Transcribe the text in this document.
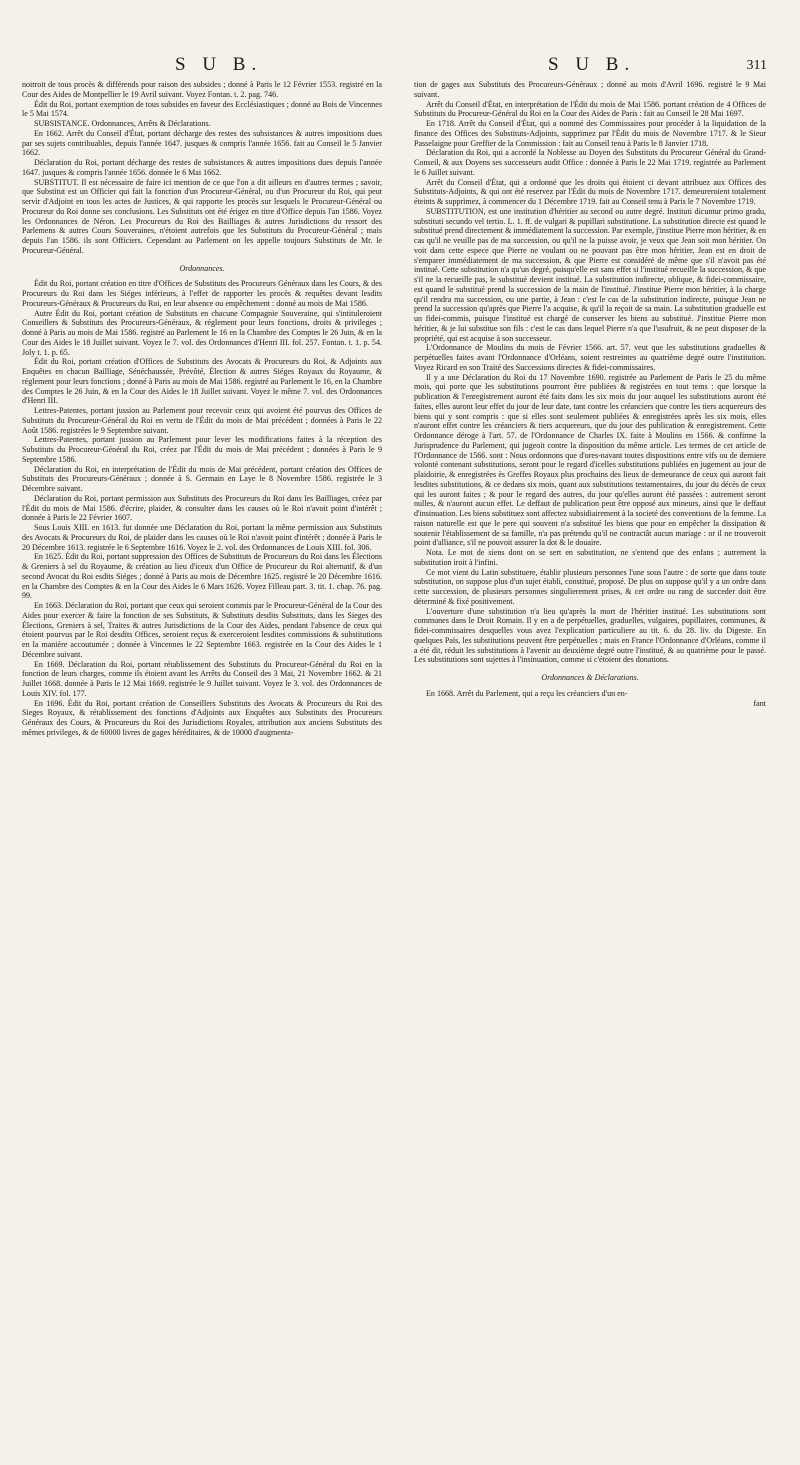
S U B.	S U B.	311

noitroit de tous procès & différends pour raison des subsides ; donné à Paris le 12 Février 1553. registré en la Cour des Aides de Montpellier le 19 Avril suivant. Voyez Fontan. t. 2. pag. 746.

Édit du Roi, portant exemption de tous subsides en faveur des Ecclésiastiques ; donné au Bois de Vincennes le 5 Mai 1574.

SUBSISTANCE. Ordonnances, Arrêts & Déclarations.

En 1662. Arrêt du Conseil d'État, portant décharge des restes des subsistances & autres impositions dues par ses sujets contribuables, depuis l'année 1647. jusques & compris l'année 1656. fait au Conseil le 5 Janvier 1662.

Déclaration du Roi, portant décharge des restes de subsistances & autres impositions dues depuis l'année 1647. jusques & compris l'année 1656. donnée le 6 Mai 1662.

SUBSTITUT. Il est nécessaire de faire ici mention de ce que l'on a dit ailleurs en d'autres termes ; savoir, que Substitut est un Officier qui fait la fonction d'un Procureur-Général, ou d'un Procureur du Roi, qui peut servir d'Adjoint en tous les actes de Justices, & qui rapporte les procès sur lesquels le Procureur-Général ou Procureur du Roi donne ses conclusions. Les Substituts ont été érigez en titre d'Office depuis l'an 1586. Voyez les Ordonnances de Néron. Les Procureurs du Roi des Bailliages & autres Jurisdictions du ressort des Parlemens & autres Cours Souveraines, n'étoient autrefois que les Substituts du Procureur-Général ; mais depuis l'an 1586. ils sont Officiers. Cependant au Parlement on les appelle toujours Substituts de Mr. le Procureur-Général.

Ordonnances.

Édit du Roi, portant création en titre d'Offices de Substituts des Procureurs Généraux dans les Cours, & des Procureurs du Roi dans les Siéges inférieurs, à l'effet de rapporter les procès & requêtes devant lesdits Procureurs-Généraux & Procureurs du Roi, en leur absence ou empêchement : donné au mois de Mai 1586.

Autre Édit du Roi, portant création de Substituts en chacune Compagnie Souveraine, qui s'intituleroient Conseillers & Substituts des Procureurs-Généraux, & réglement pour leurs fonctions, droits & privileges ; donné à Paris au mois de Mai 1586. registré au Parlement le 16 en la Chambre des Comptes le 26 Juin, & en la Cour des Aides le 18 Juillet suivant. Voyez le 7. vol. des Ordonnances d'Henri III. fol. 257. Fontan. t. 1. p. 54. Joly t. 1. p. 65.

Édit du Roi, portant création d'Offices de Substituts des Avocats & Procureurs du Roi, & Adjoints aux Enquêtes en chacun Bailliage, Sénéchaussée, Prévôté, Élection & autres Siéges Royaux du Royaume, & réglement pour leurs fonctions ; donné à Paris au mois de Mai 1586. registré au Parlement le 16, en la Chambre des Comptes le 26 Juin, & en la Cour des Aides le 18 Juillet suivant. Voyez le même 7. vol. des Ordonnances d'Henri III.

Lettres-Patentes, portant jussion au Parlement pour recevoir ceux qui avoient été pourvus des Offices de Substituts du Procureur-Général du Roi en vertu de l'Édit du mois de Mai précédent ; données à Paris le 22 Août 1586. registrées le 9 Septembre suivant.

Lettres-Patentes, portant jussion au Parlement pour lever les modifications faites à la réception des Substituts du Procureur-Général du Roi, créez par l'Édit du mois de Mai précédent ; données à Paris le 9 Septembre 1586.

Déclaration du Roi, en interprétation de l'Édit du mois de Mai précédent, portant création des Offices de Substituts des Procureurs-Généraux ; donnée à S. Germain en Laye le 8 Novembre 1586. registrée le 3 Décembre suivant.

Déclaration du Roi, portant permission aux Substituts des Procureurs du Roi dans les Bailliages, créez par l'Édit du mois de Mai 1586. d'écrire, plaider, & consulter dans les causes où le Roi n'avoit point d'intérêt ; donnée à Paris le 22 Février 1607.

Sous Louis XIII. en 1613. fut donnée une Déclaration du Roi, portant la même permission aux Substituts des Avocats & Procureurs du Roi, de plaider dans les causes où le Roi n'avoit point d'intérêt ; donnée à Paris le 20 Décembre 1613. registrée le 6 Septembre 1616. Voyez le 2. vol. des Ordonnances de Louis XIII. fol. 306.

En 1625. Édit du Roi, portant suppression des Offices de Substituts de Procureurs du Roi dans les Élections & Greniers à sel du Royaume, & création au lieu d'iceux d'un Office de Procureur du Roi alternatif, & d'un second Avocat du Roi esdits Siéges ; donné à Paris au mois de Décembre 1625. registré le 20 Décembre 1616. en la Chambre des Comptes & en la Cour des Aides le 6 Mars 1626. Voyez Filleau part. 3. tit. 1. chap. 76. pag. 99.

En 1663. Déclaration du Roi, portant que ceux qui seroient commis par le Procureur-Général de la Cour des Aides pour exercer & faire la fonction de ses Substituts, & Substituts desdits Substituts, dans les Sieges des Élections, Greniers à sel, Traites & autres Jurisdictions de la Cour des Aides, pendant l'absence de ceux qui étoient pourvus par le Roi desdits Offices, seroient reçus & exerceroient lesdites commissions & substitutions en la manière accoutumée ; donnée à Vincennes le 22 Septembre 1663. registrée en la Cour des Aides le 1 Décembre suivant.

En 1669. Déclaration du Roi, portant rétablissement des Substituts du Procureur-Général du Roi en la fonction de leurs charges, comme ils étoient avant les Arrêts du Conseil des 3 Mai, 21 Novembre 1662. & 21 Juillet 1668. donnée à Paris le 12 Mai 1669. registrée le 9 Juillet suivant. Voyez le 3. vol. des Ordonnances de Louis XIV. fol. 177.

En 1696. Édit du Roi, portant création de Conseillers Substituts des Avocats & Procureurs du Roi des Sieges Royaux, & rétablissement des fonctions d'Adjoints aux Enquêtes aux Substituts des Procureurs Généraux des Cours, & Procureurs du Roi des Jurisdictions Royales, attribution aux anciens Substituts des mêmes privileges, & de 60000 livres de gages héréditaires, & de 10000 d'augmenta-

tion de gages aux Substituts des Procureurs-Généraux ; donné au mois d'Avril 1696. registré le 9 Mai suivant.

Arrêt du Conseil d'État, en interprétation de l'Édit du mois de Mai 1586. portant création de 4 Offices de Substituts du Procureur-Général du Roi en la Cour des Aides de Paris : fait au Conseil le 28 Mai 1697.

En 1718. Arrêt du Conseil d'État, qui a nommé des Commissaires pour procéder à la liquidation de la finance des Offices des Substituts-Adjoints, supprimez par l'Édit du mois de Novembre 1717. & le Sieur Passelaigne pour Greffier de la Commission : fait au Conseil tenu à Paris le 8 Janvier 1718.

Déclaration du Roi, qui a accordé la Noblesse au Doyen des Substituts du Procureur Général du Grand-Conseil, & aux Doyens ses successeurs audit Office : donnée à Paris le 22 Mai 1719. registrée au Parlement le 6 Juillet suivant.

Arrêt du Conseil d'État, qui a ordonné que les droits qui étoient ci devant attribuez aux Offices des Substituts-Adjoints, & qui ont été reservez par l'Édit du mois de Novembre 1717. demeureroient totalement éteints & supprimez, à commencer du 1 Décembre 1719. fait au Conseil tenu à Paris le 7 Novembre 1719.

SUBSTITUTION, est une institution d'héritier au second ou autre degré. Instituti dicuntur primo gradu, substituti secundo vel tertio. L. 1. ff. de vulgari & pupillari substitutione. La substitution directe est quand le substitué prend directement & immédiatement la succession. Par exemple, j'institue Pierre mon héritier, & en cas qu'il ne veuille pas de ma succession, ou qu'il ne la puisse avoir, je veux que Jean soit mon héritier. On voit dans cette espece que Pierre ne voulant ou ne pouvant pas être mon héritier, Jean est en droit de s'emparer immédiatement de ma succession, & que Pierre est considéré de même que s'il n'avoit pas été institué. Cette substitution n'a qu'un degré, puisqu'elle est sans effet si l'institué recueille la succession, & que s'il ne la recueille pas, le substitué devient institué. La substitution indirecte, oblique, & fidei-commissaire, est quand le substitué prend la succession de la main de l'institué. J'institue Pierre mon héritier, à la charge qu'il rendra ma succession, ou une partie, à Jean : c'est le cas de la substitution indirecte, puisque Jean ne prend la succession qu'après que Pierre l'a acquise, & qu'il la reçoit de sa main. La substitution graduelle est un fidei-commis, puisque l'institué est chargé de conserver les biens au substitué. J'institue Pierre mon héritier, & je lui substitue son fils : c'est le cas dans lequel Pierre n'a que l'usufruit, & ne peut disposer de la propriété, qui est acquise à son successeur.

L'Ordonnance de Moulins du mois de Février 1566. art. 57. veut que les substitutions graduelles & perpétuelles faites avant l'Ordonnance d'Orléans, soient restreintes au quatrième degré outre l'institution. Voyez Ricard en son Traité des Successions directes & fidei-commissaires.

Il y a une Déclaration du Roi du 17 Novembre 1690. registrée au Parlement de Paris le 25 du même mois, qui porte que les substitutions pourront être publiées & registrées en tout tems : que lorsque la publication & l'enregistrement auront été faits dans les six mois du jour auquel les substitutions auront été faites, elles auront leur effet du jour de leur date, tant contre les créanciers que contre les tiers acquereurs des biens qui y sont compris : que si elles sont seulement publiées & enregistrées après les six mois, elles n'auront effet contre les créanciers & tiers acquereurs, que du jour des publication & enregistrement. Cette Ordonnance déroge à l'art. 57. de l'Ordonnance de Charles IX. faite à Moulins en 1566. & confirme la Jurisprudence du Parlement, qui jugeoit contre la disposition du même article. Les termes de cet article de l'Ordonnance de 1566. sont : Nous ordonnons que d'ores-navant toutes dispositions entre vifs ou de derniere volonté contenant substitutions, seront pour le regard d'icelles substitutions publiées en jugement au jour de plaidoirie, & enregistrées ès Greffes Royaux plus prochains des lieux de demeurance de ceux qui auront fait lesdites substitutions, & ce dedans six mois, quant aux substitutions testamentaires, du jour du décès de ceux qui les auront faites ; & pour le regard des autres, du jour qu'elles auront été passées : autrement seront nulles, & n'auront aucun effet. Le deffaut de publication peut être opposé aux mineurs, ainsi que le deffaut d'insinuation. Les biens substituez sont affectez subsidiairement à la societé des conventions de la femme. La raison naturelle est que le pere qui souvent n'a substitué les biens que pour en empêcher la dissipation & soutenir l'établissement de sa famille, n'a pas prétendu qu'il ne contractât aucun mariage : or il ne trouveroit point d'alliance, s'il ne pouvoit assurer la dot & le douaire.

Nota. Le mot de siens dont on se sert en substitution, ne s'entend que des enfans ; autrement la substitution iroit à l'infini.

Ce mot vient du Latin substituere, établir plusieurs personnes l'une sous l'autre : de sorte que dans toute substitution, on suppose plus d'un sujet établi, constitué, proposé. De plus on suppose qu'il y a un ordre dans cette succession, de plusieurs personnes singulierement prises, & cet ordre ou rang de succeder doit être déterminé & fixé positivement.

L'ouverture d'une substitution n'a lieu qu'après la mort de l'héritier institué. Les substitutions sont communes dans le Droit Romain. Il y en a de perpétuelles, graduelles, vulgaires, pupillaires, communes, & fidei-commissaires desquelles vous avez l'explication particuliere au tit. 6. du 28. liv. du Digeste. En quelques Païs, les substitutions peuvent être perpétuelles ; mais en France l'Ordonnance d'Orléans, comme il a été dit, réduit les substitutions à l'avenir au deuxième degré outre l'institué, & au quatrième pour le passé. Les substitutions sont sujettes à l'insinuation, comme si c'étoient des donations.

Ordonnances & Déclarations.

En 1668. Arrêt du Parlement, qui a reçu les créanciers d'un en-

fant
